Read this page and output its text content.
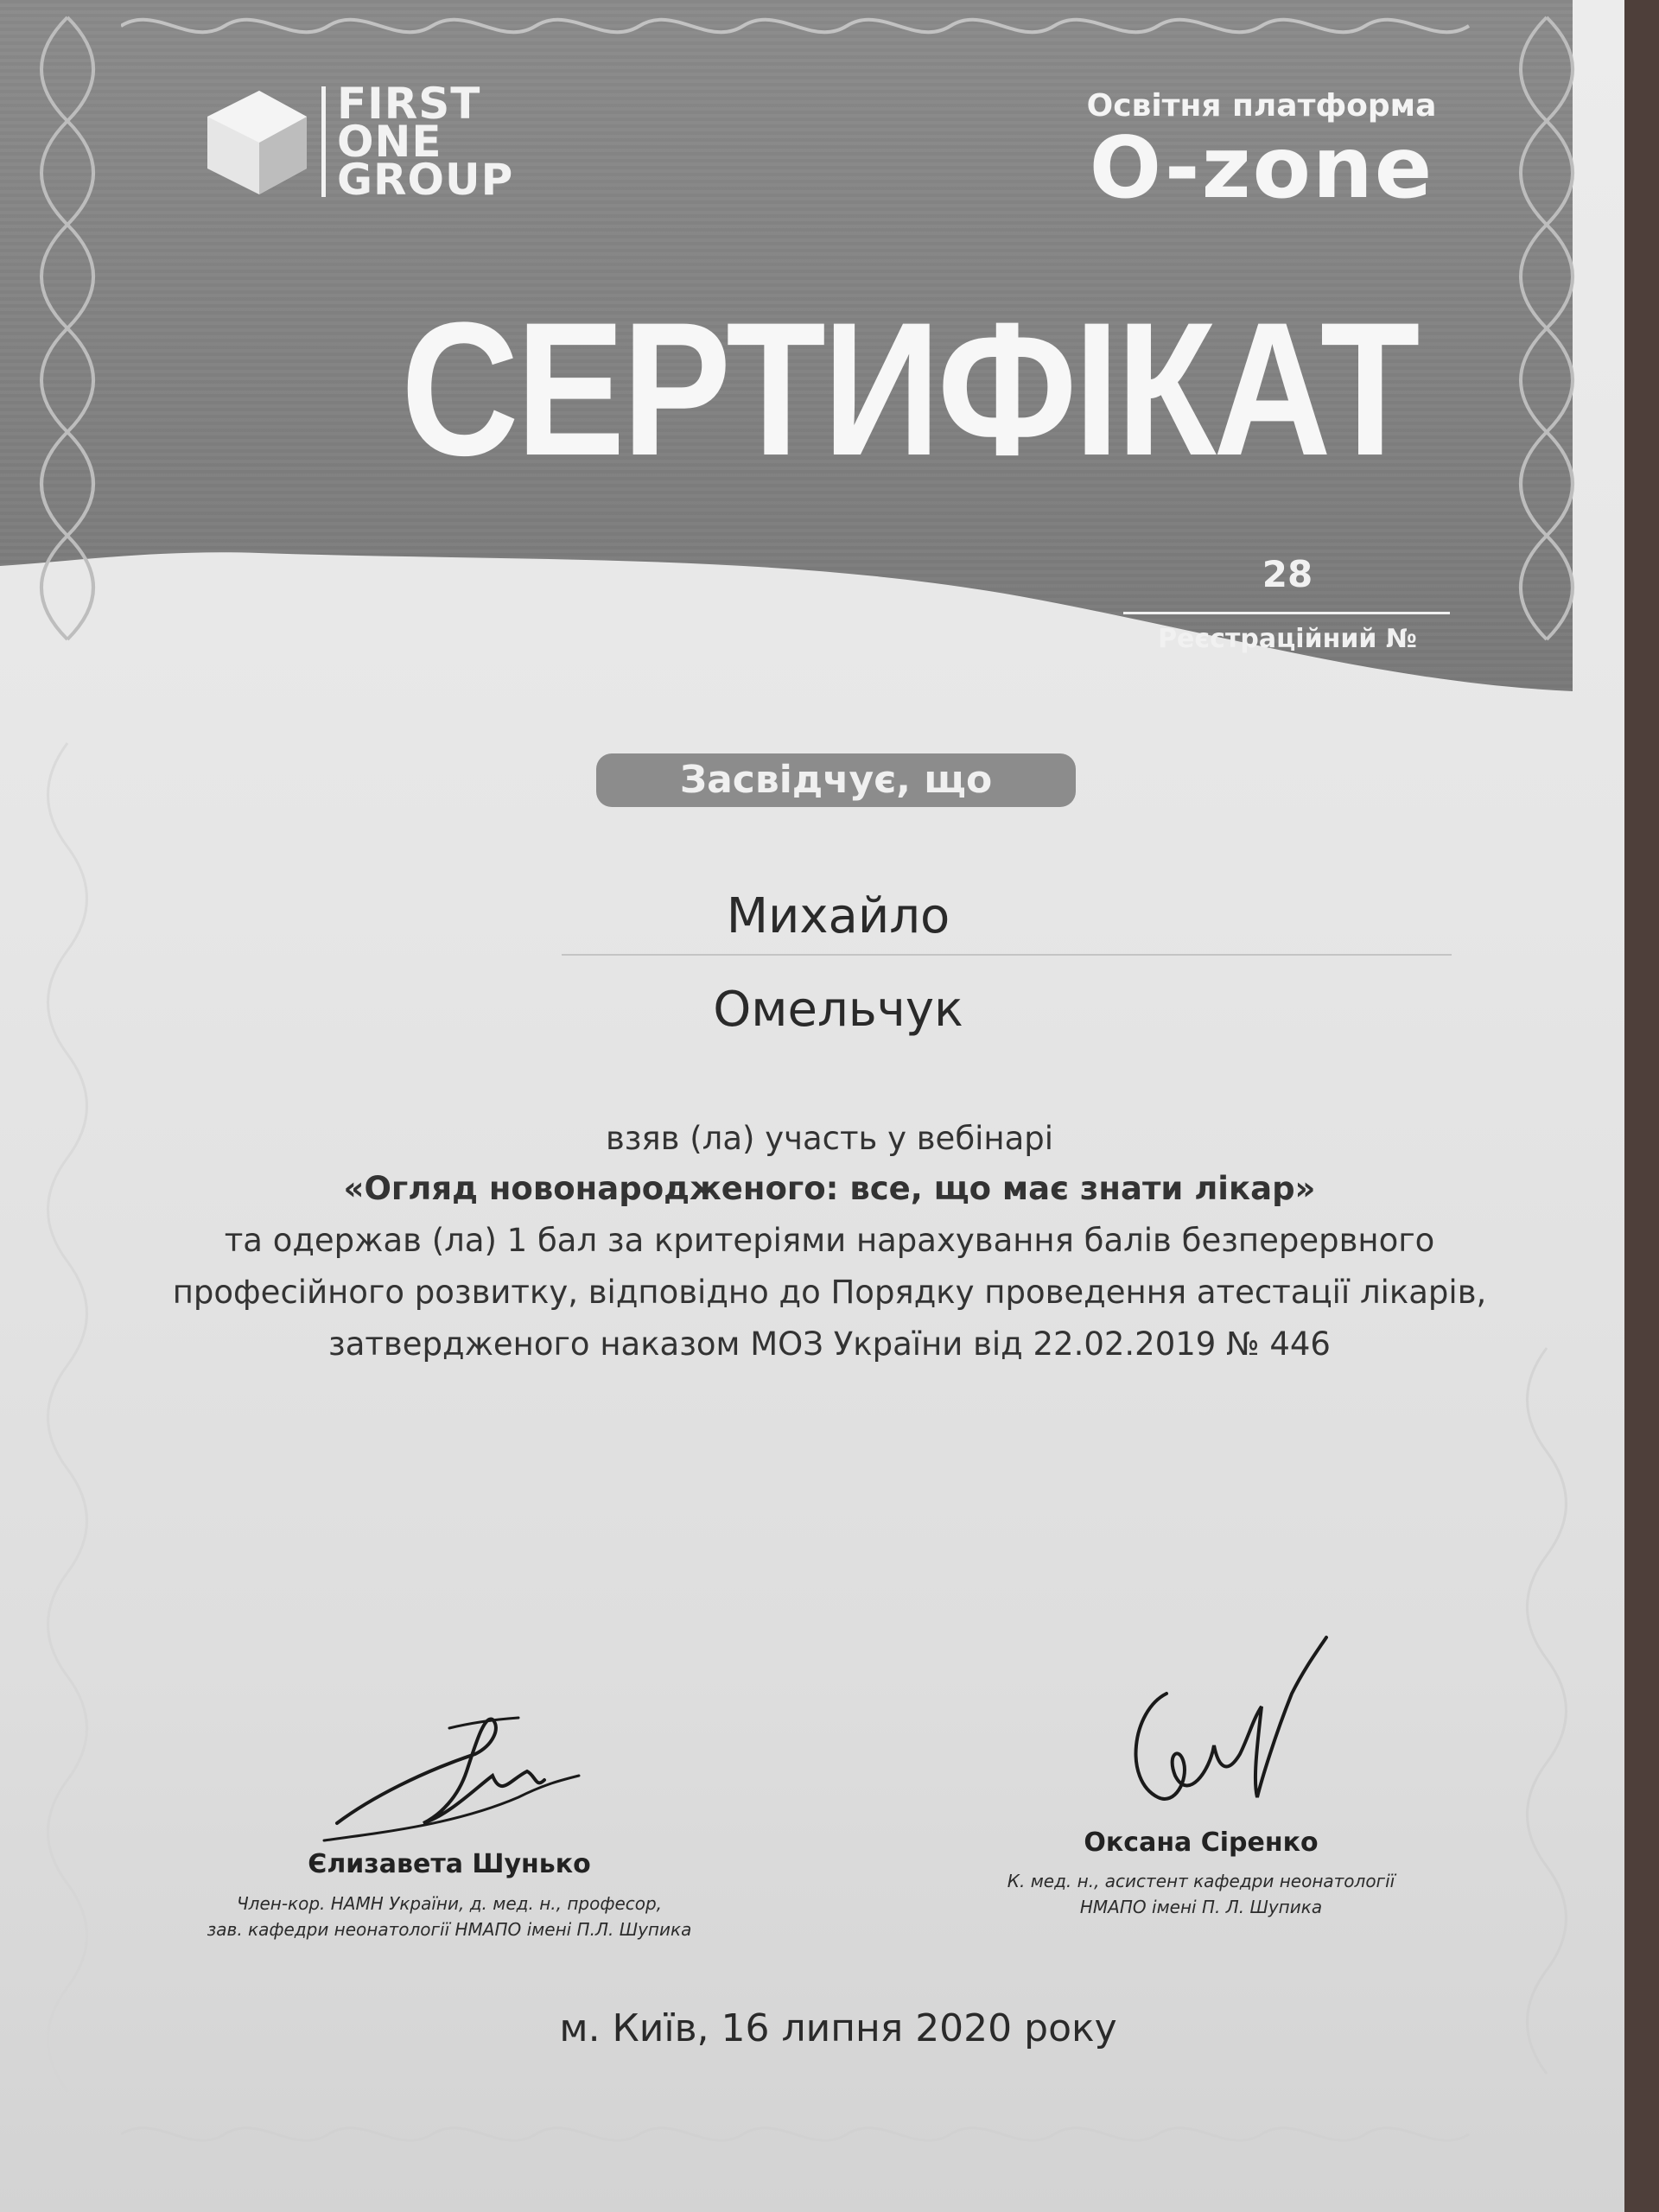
FIRST
ONE
GROUP
Освітня платформа
O-zone
СЕРТИФІКАТ
28
Реєстраційний №
Засвідчує, що
Михайло
Омельчук
взяв (ла) участь у вебінарі
«Огляд новонародженого: все, що має знати лікар»
та одержав (ла) 1 бал за критеріями нарахування балів безперервного
професійного розвитку, відповідно до Порядку проведення атестації лікарів,
затвердженого наказом МОЗ України від 22.02.2019 № 446
Єлизавета Шунько
Член-кор. НАМН України, д. мед. н., професор,
зав. кафедри неонатології НМАПО імені П.Л. Шупика
Оксана Сіренко
К. мед. н., асистент кафедри неонатології
НМАПО імені П. Л. Шупика
м. Київ, 16 липня 2020 року
